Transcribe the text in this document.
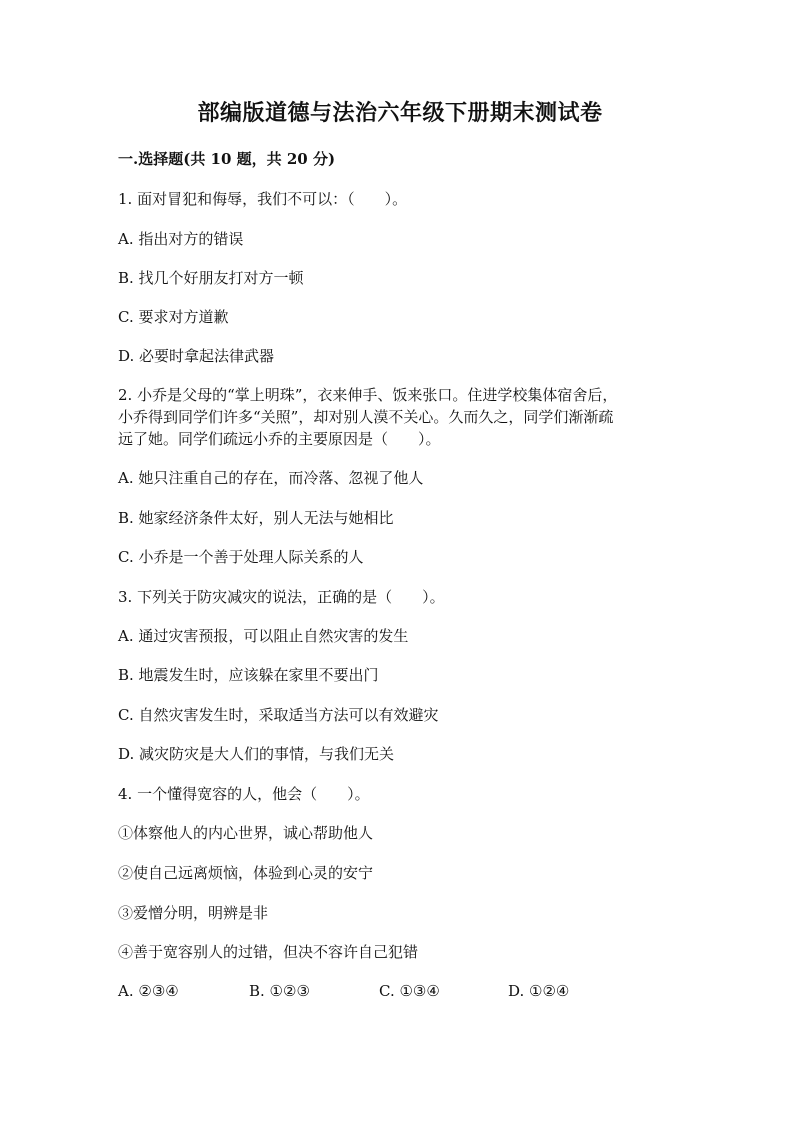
部编版道德与法治六年级下册期末测试卷
一.选择题(共 10 题，共 20 分)
1. 面对冒犯和侮辱，我们不可以：（　　）。
A. 指出对方的错误
B. 找几个好朋友打对方一顿
C. 要求对方道歉
D. 必要时拿起法律武器
2. 小乔是父母的“掌上明珠”，衣来伸手、饭来张口。住进学校集体宿舍后，
小乔得到同学们许多“关照”，却对别人漠不关心。久而久之，同学们渐渐疏
远了她。同学们疏远小乔的主要原因是（　　）。
A. 她只注重自己的存在，而冷落、忽视了他人
B. 她家经济条件太好，别人无法与她相比
C. 小乔是一个善于处理人际关系的人
3. 下列关于防灾减灾的说法，正确的是（　　）。
A. 通过灾害预报，可以阻止自然灾害的发生
B. 地震发生时，应该躲在家里不要出门
C. 自然灾害发生时，采取适当方法可以有效避灾
D. 减灾防灾是大人们的事情，与我们无关
4. 一个懂得宽容的人，他会（　　）。
①体察他人的内心世界，诚心帮助他人
②使自己远离烦恼，体验到心灵的安宁
③爱憎分明，明辨是非
④善于宽容别人的过错，但决不容许自己犯错
A. ②③④	B. ①②③	C. ①③④	D. ①②④
